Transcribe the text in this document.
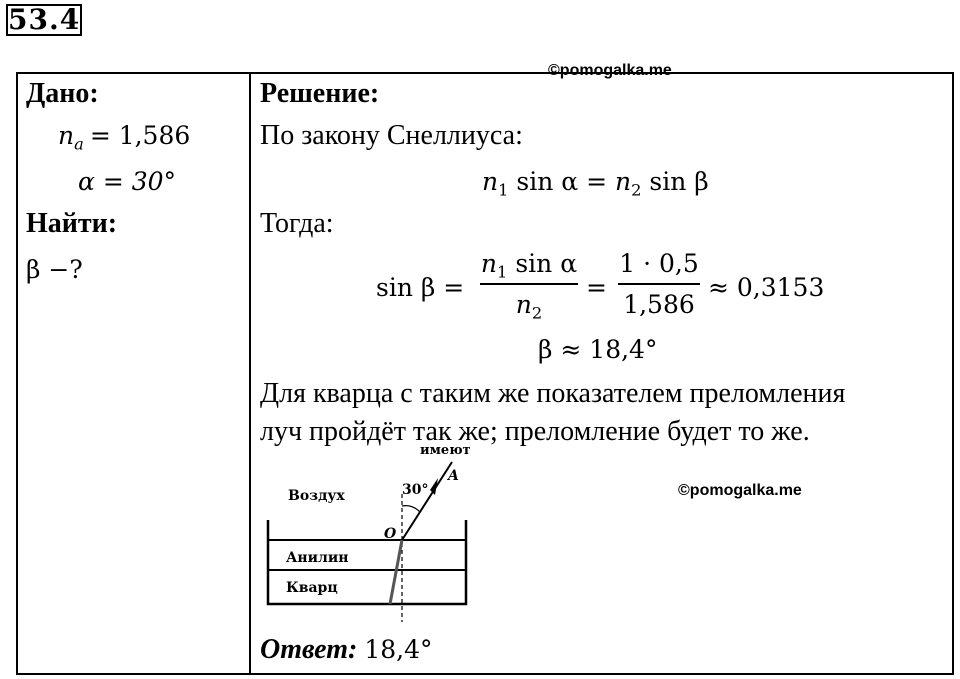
53.4
©pomogalka.me
Дано:
$n_a = 1,586$
α = 30°
Найти:
β −?
Решение:
По закону Снеллиуса:
$n_1$ $\sin \alpha = n_2$ sin β
Тогда:
sin β =
$n_1$ sin α
$n_2$
=
1 · 0,5
1,586
≈ 0,3153
β ≈ 18,4°
Для кварца с таким же показателем преломления
луч пройдёт так же; преломление будет то же.
©pomogalka.me
имеют
Воздух	30°
A
O
Анилин
Кварц
Ответ: 18,4°
